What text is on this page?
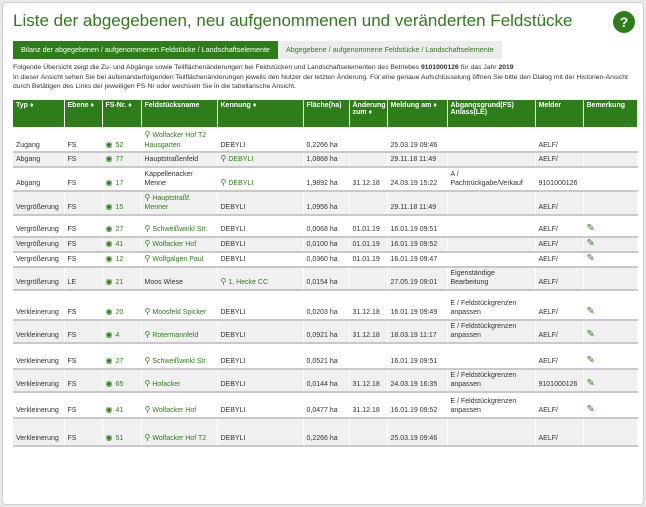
Liste der abgegebenen, neu aufgenommenen und veränderten Feldstücke	?
Bilanz der abgegebenen / aufgenommenen Feldstücke / Landschaftselemente	Abgegebene / aufgenommene Feldstücke / Landschaftselemente
Folgende Übersicht zeigt die Zu- und Abgänge sowie Teilflächenänderungen bei Feldstücken und Landschaftselementen des Betriebes 9101000126 für das Jahr 2019
In dieser Ansicht sehen Sie bei aufeinanderfolgenden Teilflächenänderungen jeweils den Nutzer der letzten Änderung. Für eine genaue Aufschlüsselung öffnen Sie bitte den Dialog mit der Historien-Ansicht durch Betätigen des Links der jeweiligen FS-Nr oder wechseln Sie in die tabellarische Ansicht.
Typ ♦	Ebene ♦	FS-Nr. ♦	Feldstücksname	Kennung ♦	Fläche(ha)	Änderung zum ♦	Meldung am ♦	Abgangsgrund(FS) Anlass(LE)	Melder	Bemerkung
Zugang	FS	◉ 52	⚲ Wolfacker Hof T2 Hausgarten	DEBYLI	0,2266 ha		25.03.19 09:46		AELF/	
Abgang	FS	◉ 77	Hauptstraßenfeld	⚲ DEBYLI	1,0868 ha		29.11.18 11:49		AELF/	
Abgang	FS	◉ 17	Kappellenacker Menne	⚲ DEBYLI	1,9892 ha	31.12.18	24.03.19 15:22	A / Pachtrückgabe/Verkauf	9101000126	
Vergrößerung	FS	◉ 15	⚲ Hauptstraßf. Menner	DEBYLI	1,0956 ha		29.11.18 11:49		AELF/	
Vergrößerung	FS	◉ 27	⚲ Schweißwinkl Str.	DEBYLI	0,0068 ha	01.01.19	16.01.19 09:51		AELF/	✎
Vergrößerung	FS	◉ 41	⚲ Wolfacker Hof	DEBYLI	0,0100 ha	01.01.19	16.01.19 09:52		AELF/	✎
Vergrößerung	FS	◉ 12	⚲ Wolfgalgen Paul	DEBYLI	0,0360 ha	01.01.19	16.01.19 09:47		AELF/	✎
Vergrößerung	LE	◉ 21	Moos Wiese	⚲ 1, Hecke CC	0,0154 ha		27.05.19 09:01	Eigenständige Bearbeitung	AELF/	
Verkleinerung	FS	◉ 20	⚲ Moosfeld Spicker	DEBYLI	0,0203 ha	31.12.18	16.01.19 09:49	E / Feldstückgrenzen anpassen	AELF/	✎
Verkleinerung	FS	◉ 4	⚲ Rotermannfeld	DEBYLI	0,0921 ha	31.12.18	18.03.19 11:17	E / Feldstückgrenzen anpassen	AELF/	✎
Verkleinerung	FS	◉ 27	⚲ Schweißwinkl Str.	DEBYLI	0,0521 ha		16.01.19 09:51		AELF/	✎
Verkleinerung	FS	◉ 65	⚲ Hofacker	DEBYLI	0,0144 ha	31.12.18	24.03.19 16:35	E / Feldstückgrenzen anpassen	9101000126	✎
Verkleinerung	FS	◉ 41	⚲ Wolfacker Hof	DEBYLI	0,0477 ha	31.12.18	16.01.19 09:52	E / Feldstückgrenzen anpassen	AELF/	✎
Verkleinerung	FS	◉ 51	⚲ Wolfacker Hof T2	DEBYLI	0,2266 ha		25.03.19 09:46		AELF/	
